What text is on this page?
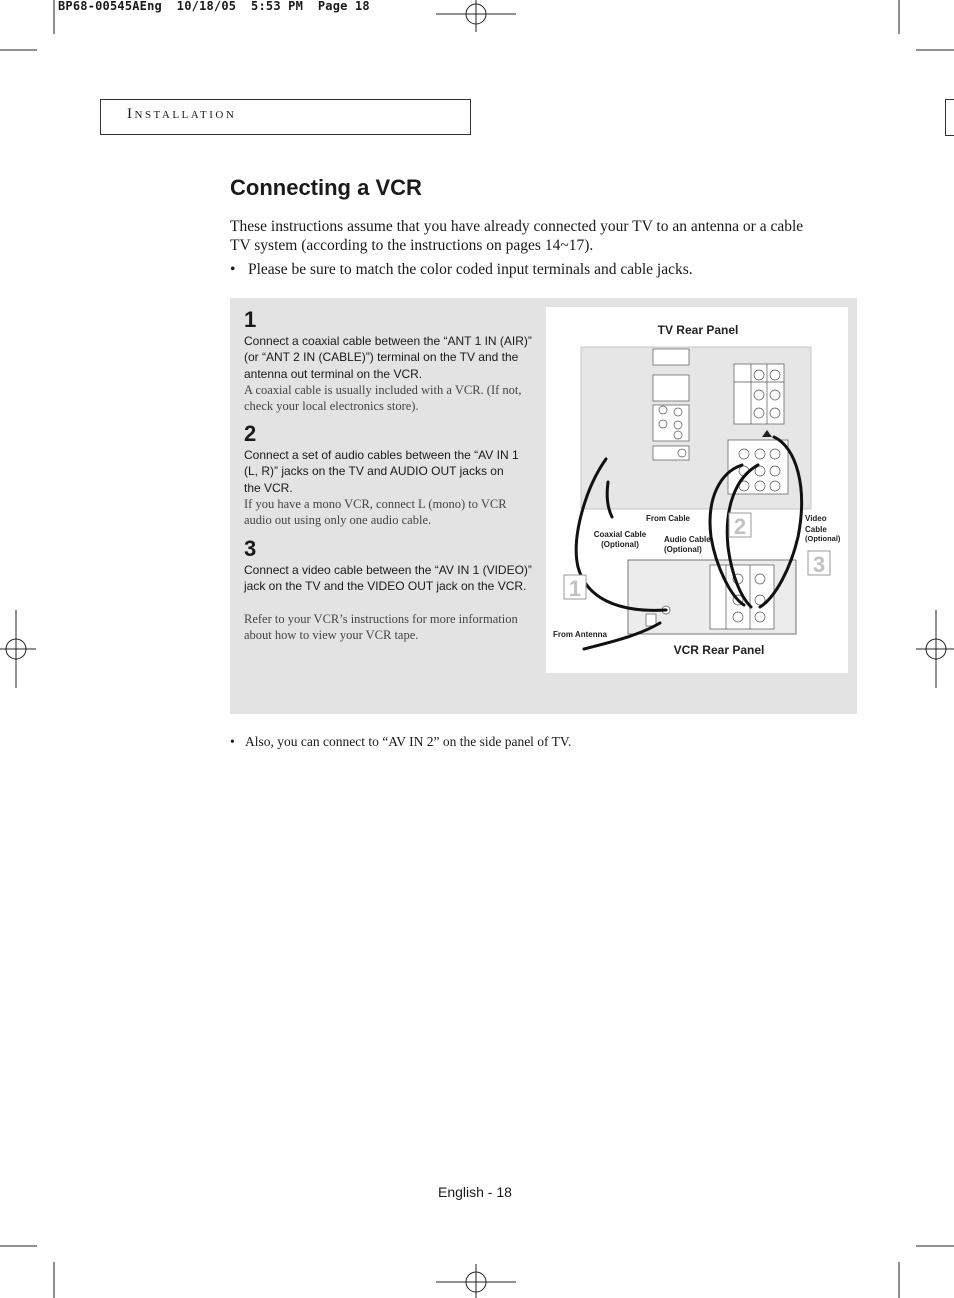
BP68-00545AEng  10/18/05  5:53 PM  Page 18
Installation
Connecting a VCR
These instructions assume that you have already connected your TV to an antenna or a cable TV system (according to the instructions on pages 14~17).
• Please be sure to match the color coded input terminals and cable jacks.
1
Connect a coaxial cable between the “ANT 1 IN (AIR)” (or “ANT 2 IN (CABLE)”) terminal on the TV and the antenna out terminal on the VCR.
A coaxial cable is usually included with a VCR. (If not, check your local electronics store).
2
Connect a set of audio cables between the “AV IN 1 (L, R)” jacks on the TV and AUDIO OUT jacks on the VCR.
If you have a mono VCR, connect L (mono) to VCR audio out using only one audio cable.
3
Connect a video cable between the “AV IN 1 (VIDEO)” jack on the TV and the VIDEO OUT jack on the VCR.
Refer to your VCR’s instructions for more information about how to view your VCR tape.
1
2
3
TV Rear Panel
VCR Rear Panel
From Cable
Coaxial Cable
(Optional)
Audio Cable
(Optional)
Video
Cable
(Optional)
From Antenna
• Also, you can connect to “AV IN 2” on the side panel of TV.
English - 18
